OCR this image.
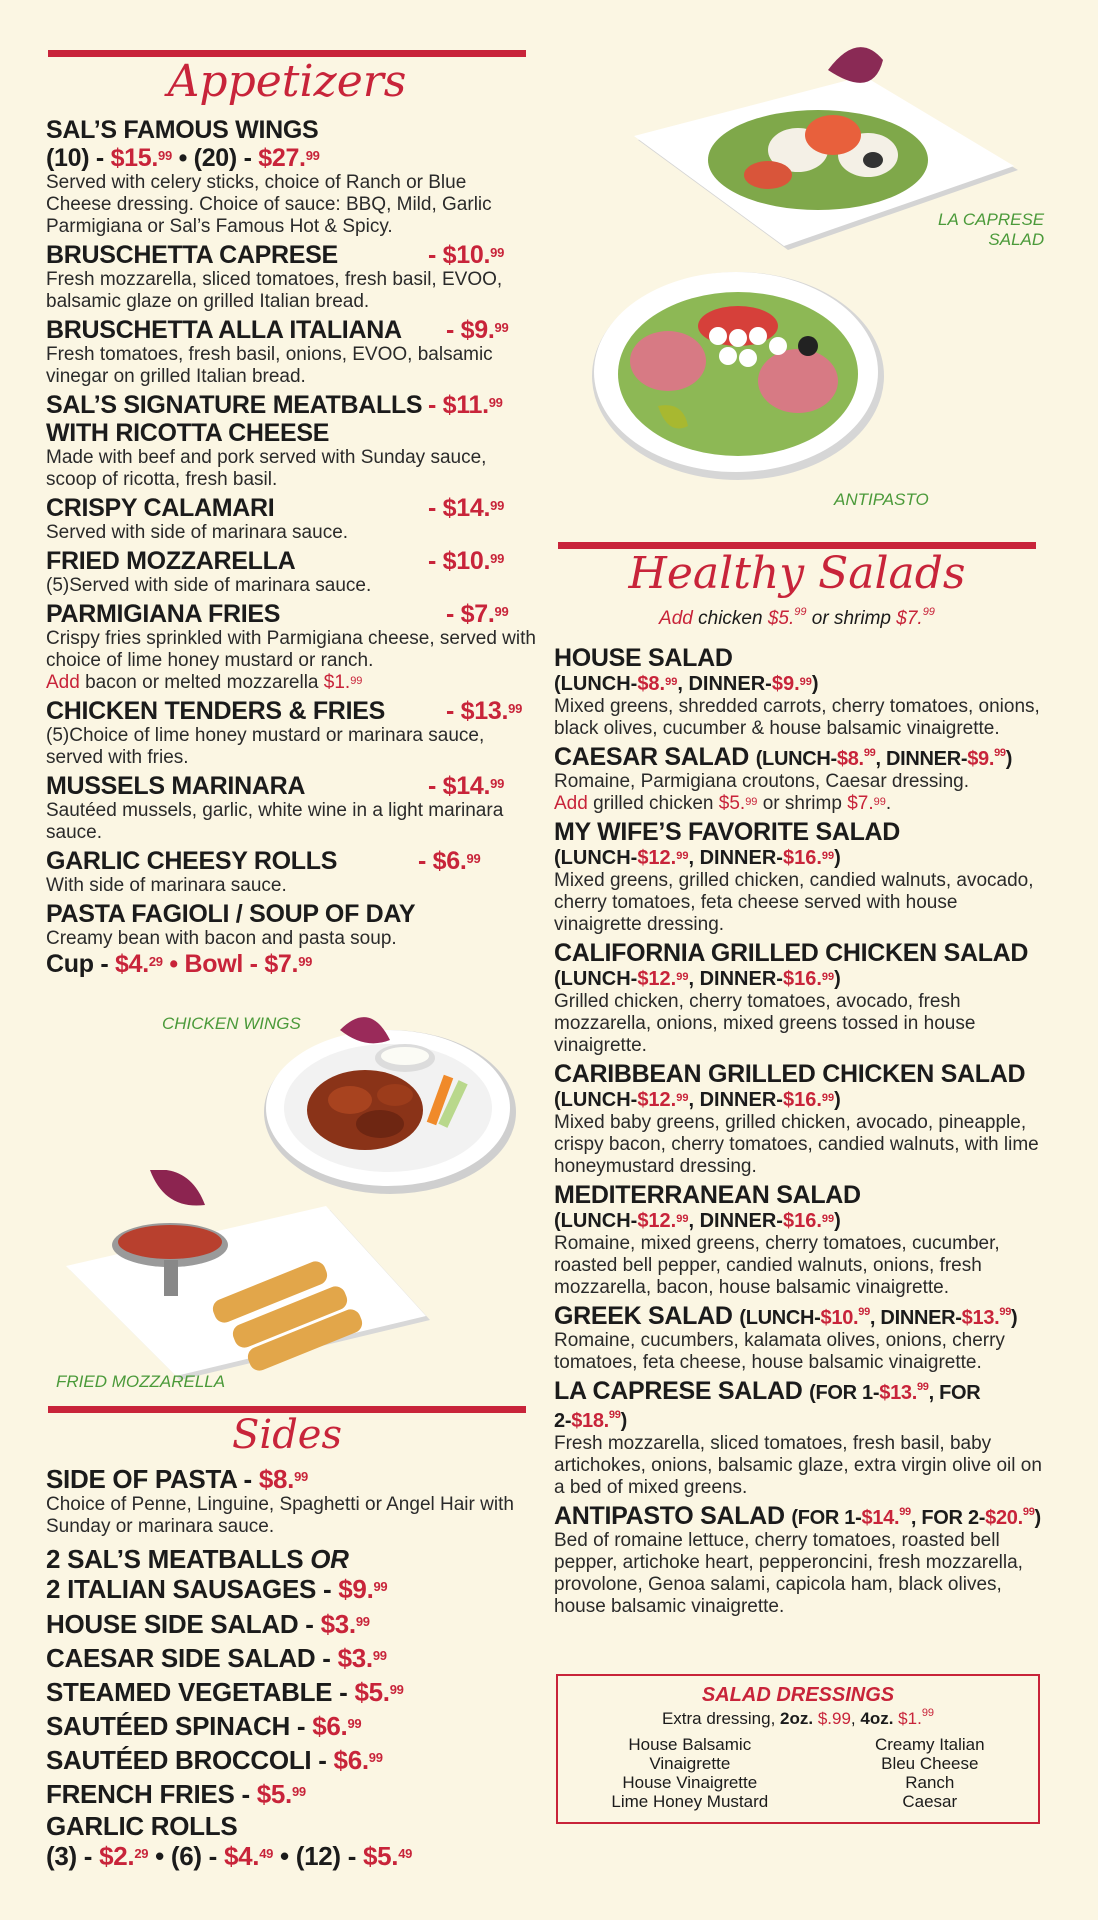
Appetizers
SAL’S FAMOUS WINGS
(10) - $15.99 • (20) - $27.99
Served with celery sticks, choice of Ranch or Blue Cheese dressing. Choice of sauce: BBQ, Mild, Garlic Parmigiana or Sal’s Famous Hot & Spicy.
BRUSCHETTA CAPRESE	- $10.99
Fresh mozzarella, sliced tomatoes, fresh basil, EVOO, balsamic glaze on grilled Italian bread.
BRUSCHETTA ALLA ITALIANA - $9.99
Fresh tomatoes, fresh basil, onions, EVOO, balsamic vinegar on grilled Italian bread.
SAL’S SIGNATURE MEATBALLS - $11.99
WITH RICOTTA CHEESE
Made with beef and pork served with Sunday sauce, scoop of ricotta, fresh basil.
CRISPY CALAMARI	- $14.99
Served with side of marinara sauce.
FRIED MOZZARELLA	- $10.99
(5)Served with side of marinara sauce.
PARMIGIANA FRIES	- $7.99
Crispy fries sprinkled with Parmigiana cheese, served with choice of lime honey mustard or ranch.
Add bacon or melted mozzarella $1.99
CHICKEN TENDERS & FRIES - $13.99
(5)Choice of lime honey mustard or marinara sauce, served with fries.
MUSSELS MARINARA	- $14.99
Sautéed mussels, garlic, white wine in a light marinara sauce.
GARLIC CHEESY ROLLS	- $6.99
With side of marinara sauce.
PASTA FAGIOLI / SOUP OF DAY
Creamy bean with bacon and pasta soup.
Cup - $4.29 • Bowl - $7.99
CHICKEN WINGS
FRIED MOZZARELLA
Sides
SIDE OF PASTA - $8.99
Choice of Penne, Linguine, Spaghetti or Angel Hair with Sunday or marinara sauce.
2 SAL’S MEATBALLS OR
2 ITALIAN SAUSAGES - $9.99
HOUSE SIDE SALAD - $3.99
CAESAR SIDE SALAD - $3.99
STEAMED VEGETABLE - $5.99
SAUTÉED SPINACH - $6.99
SAUTÉED BROCCOLI - $6.99
FRENCH FRIES - $5.99
GARLIC ROLLS
(3) - $2.29 • (6) - $4.49 • (12) - $5.49
LA CAPRESE
SALAD
ANTIPASTO
Healthy Salads
Add chicken $5.99 or shrimp $7.99
HOUSE SALAD
(LUNCH-$8.99, DINNER-$9.99)
Mixed greens, shredded carrots, cherry tomatoes, onions, black olives, cucumber & house balsamic vinaigrette.
CAESAR SALAD (LUNCH-$8.99, DINNER-$9.99)
Romaine, Parmigiana croutons, Caesar dressing.
Add grilled chicken $5.99 or shrimp $7.99.
MY WIFE’S FAVORITE SALAD
(LUNCH-$12.99, DINNER-$16.99)
Mixed greens, grilled chicken, candied walnuts, avocado, cherry tomatoes, feta cheese served with house vinaigrette dressing.
CALIFORNIA GRILLED CHICKEN SALAD
(LUNCH-$12.99, DINNER-$16.99)
Grilled chicken, cherry tomatoes, avocado, fresh mozzarella, onions, mixed greens tossed in house vinaigrette.
CARIBBEAN GRILLED CHICKEN SALAD
(LUNCH-$12.99, DINNER-$16.99)
Mixed baby greens, grilled chicken, avocado, pineapple, crispy bacon, cherry tomatoes, candied walnuts, with lime honeymustard dressing.
MEDITERRANEAN SALAD
(LUNCH-$12.99, DINNER-$16.99)
Romaine, mixed greens, cherry tomatoes, cucumber, roasted bell pepper, candied walnuts, onions, fresh mozzarella, bacon, house balsamic vinaigrette.
GREEK SALAD (LUNCH-$10.99, DINNER-$13.99)
Romaine, cucumbers, kalamata olives, onions, cherry tomatoes, feta cheese, house balsamic vinaigrette.
LA CAPRESE SALAD (FOR 1-$13.99, FOR 2-$18.99)
Fresh mozzarella, sliced tomatoes, fresh basil, baby artichokes, onions, balsamic glaze, extra virgin olive oil on a bed of mixed greens.
ANTIPASTO SALAD (FOR 1-$14.99, FOR 2-$20.99)
Bed of romaine lettuce, cherry tomatoes, roasted bell pepper, artichoke heart, pepperoncini, fresh mozzarella, provolone, Genoa salami, capicola ham, black olives, house balsamic vinaigrette.
SALAD DRESSINGS
Extra dressing, 2oz. $.99, 4oz. $1.99
House Balsamic
Vinaigrette
House Vinaigrette
Lime Honey Mustard
Creamy Italian
Bleu Cheese
Ranch
Caesar
